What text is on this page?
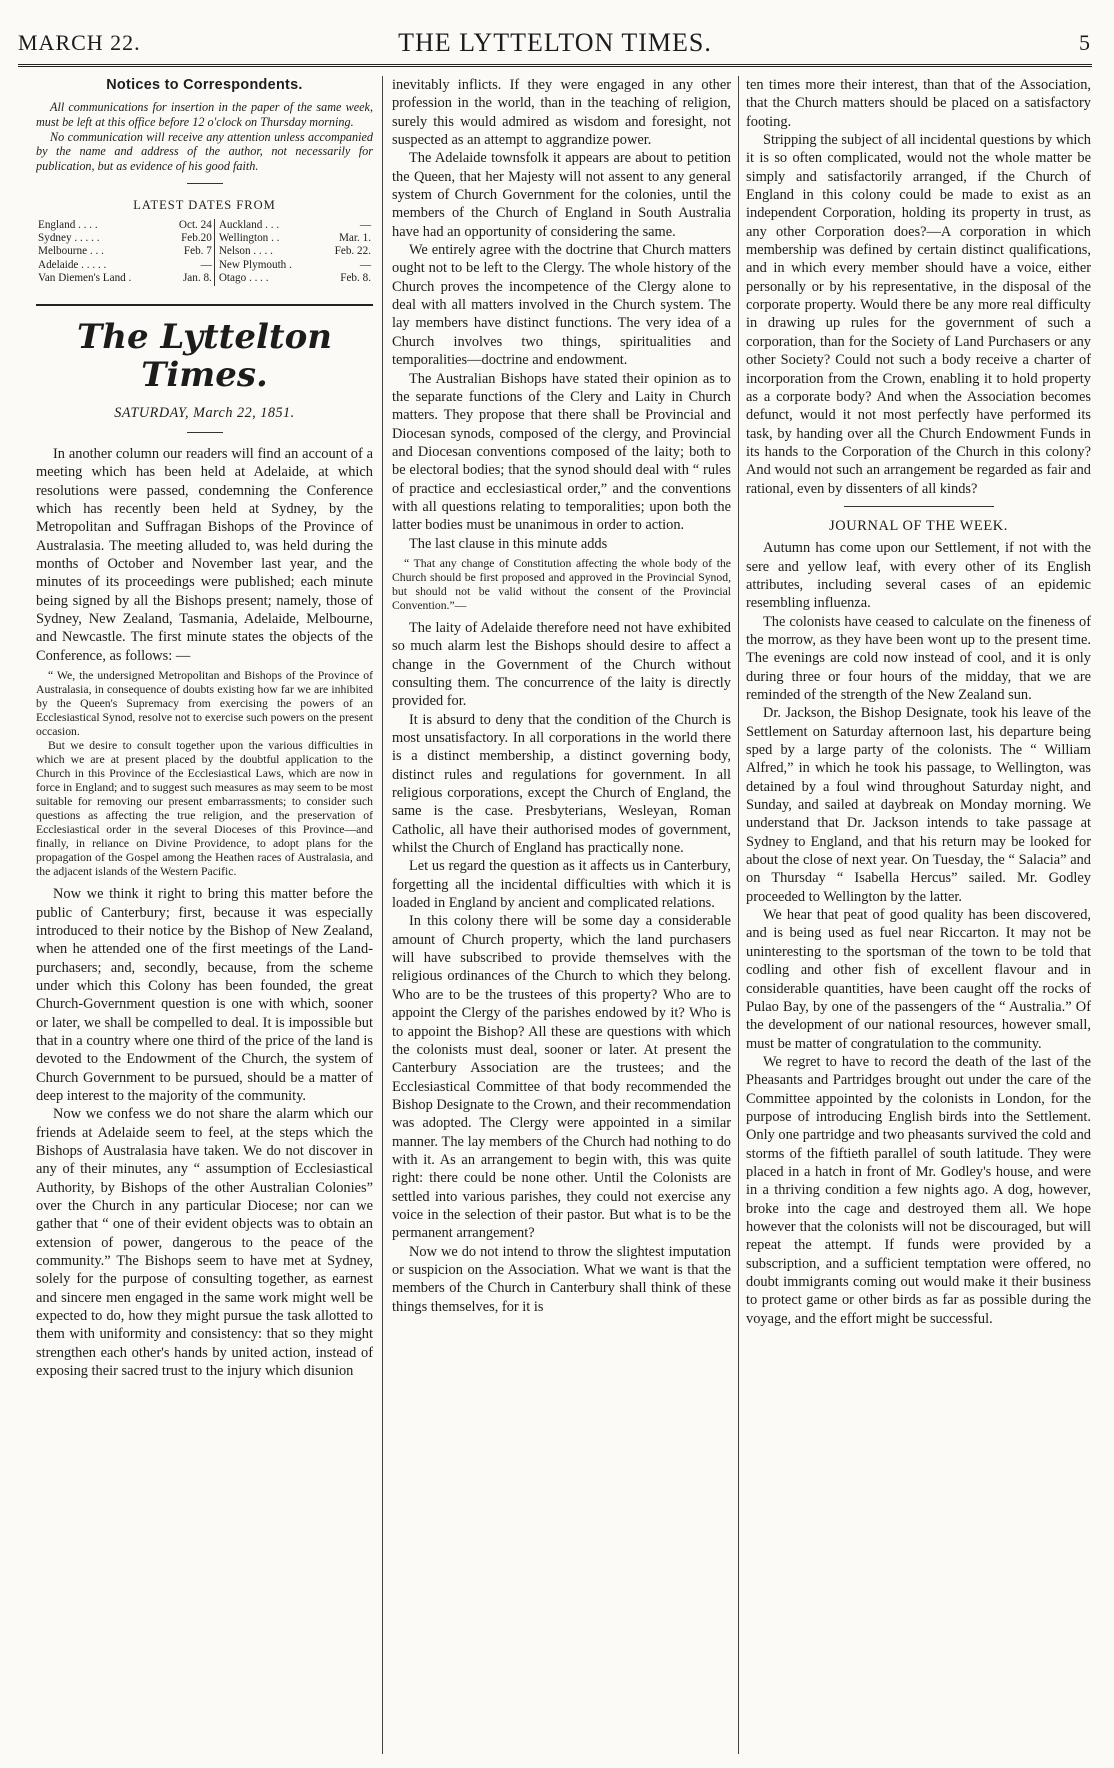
MARCH 22.	THE LYTTELTON TIMES.	5
Notices to Correspondents.

All communications for insertion in the paper of the same week, must be left at this office before 12 o'clock on Thursday morning.

No communication will receive any attention unless accompanied by the name and address of the author, not necessarily for publication, but as evidence of his good faith.

LATEST DATES FROM
England . . . .	Oct. 24	Auckland . . .	—
Sydney . . . . .	Feb.20	Wellington . .	Mar. 1.
Melbourne . . .	Feb. 7	Nelson . . . .	Feb. 22.
Adelaide . . . . .	—	New Plymouth .	—
Van Diemen's Land .	Jan. 8.	Otago . . . .	Feb. 8.
The Lyttelton Times.
SATURDAY, March 22, 1851.

In another column our readers will find an account of a meeting which has been held at Adelaide, at which resolutions were passed, condemning the Conference which has recently been held at Sydney, by the Metropolitan and Suffragan Bishops of the Province of Australasia. The meeting alluded to, was held during the months of October and November last year, and the minutes of its proceedings were published; each minute being signed by all the Bishops present; namely, those of Sydney, New Zealand, Tasmania, Adelaide, Melbourne, and Newcastle. The first minute states the objects of the Conference, as follows: —

“ We, the undersigned Metropolitan and Bishops of the Province of Australasia, in consequence of doubts existing how far we are inhibited by the Queen's Supremacy from exercising the powers of an Ecclesiastical Synod, resolve not to exercise such powers on the present occasion.

But we desire to consult together upon the various difficulties in which we are at present placed by the doubtful application to the Church in this Province of the Ecclesiastical Laws, which are now in force in England; and to suggest such measures as may seem to be most suitable for removing our present embarrassments; to consider such questions as affecting the true religion, and the preservation of Ecclesiastical order in the several Dioceses of this Province—and finally, in reliance on Divine Providence, to adopt plans for the propagation of the Gospel among the Heathen races of Australasia, and the adjacent islands of the Western Pacific.

Now we think it right to bring this matter before the public of Canterbury; first, because it was especially introduced to their notice by the Bishop of New Zealand, when he attended one of the first meetings of the Land-purchasers; and, secondly, because, from the scheme under which this Colony has been founded, the great Church-Government question is one with which, sooner or later, we shall be compelled to deal. It is impossible but that in a country where one third of the price of the land is devoted to the Endowment of the Church, the system of Church Government to be pursued, should be a matter of deep interest to the majority of the community.

Now we confess we do not share the alarm which our friends at Adelaide seem to feel, at the steps which the Bishops of Australasia have taken. We do not discover in any of their minutes, any “ assumption of Ecclesiastical Authority, by Bishops of the other Australian Colonies” over the Church in any particular Diocese; nor can we gather that “ one of their evident objects was to obtain an extension of power, dangerous to the peace of the community.” The Bishops seem to have met at Sydney, solely for the purpose of consulting together, as earnest and sincere men engaged in the same work might well be expected to do, how they might pursue the task allotted to them with uniformity and consistency: that so they might strengthen each other's hands by united action, instead of exposing their sacred trust to the injury which disunion

inevitably inflicts. If they were engaged in any other profession in the world, than in the teaching of religion, surely this would admired as wisdom and foresight, not suspected as an attempt to aggrandize power.

The Adelaide townsfolk it appears are about to petition the Queen, that her Majesty will not assent to any general system of Church Government for the colonies, until the members of the Church of England in South Australia have had an opportunity of considering the same.

We entirely agree with the doctrine that Church matters ought not to be left to the Clergy. The whole history of the Church proves the incompetence of the Clergy alone to deal with all matters involved in the Church system. The lay members have distinct functions. The very idea of a Church involves two things, spiritualities and temporalities—doctrine and endowment.

The Australian Bishops have stated their opinion as to the separate functions of the Clery and Laity in Church matters. They propose that there shall be Provincial and Diocesan synods, composed of the clergy, and Provincial and Diocesan conventions composed of the laity; both to be electoral bodies; that the synod should deal with “ rules of practice and ecclesiastical order,” and the conventions with all questions relating to temporalities; upon both the latter bodies must be unanimous in order to action.

The last clause in this minute adds

“ That any change of Constitution affecting the whole body of the Church should be first proposed and approved in the Provincial Synod, but should not be valid without the consent of the Provincial Convention.”—

The laity of Adelaide therefore need not have exhibited so much alarm lest the Bishops should desire to affect a change in the Government of the Church without consulting them. The concurrence of the laity is directly provided for.

It is absurd to deny that the condition of the Church is most unsatisfactory. In all corporations in the world there is a distinct membership, a distinct governing body, distinct rules and regulations for government. In all religious corporations, except the Church of England, the same is the case. Presbyterians, Wesleyan, Roman Catholic, all have their authorised modes of government, whilst the Church of England has practically none.

Let us regard the question as it affects us in Canterbury, forgetting all the incidental difficulties with which it is loaded in England by ancient and complicated relations.

In this colony there will be some day a considerable amount of Church property, which the land purchasers will have subscribed to provide themselves with the religious ordinances of the Church to which they belong. Who are to be the trustees of this property? Who are to appoint the Clergy of the parishes endowed by it? Who is to appoint the Bishop? All these are questions with which the colonists must deal, sooner or later. At present the Canterbury Association are the trustees; and the Ecclesiastical Committee of that body recommended the Bishop Designate to the Crown, and their recommendation was adopted. The Clergy were appointed in a similar manner. The lay members of the Church had nothing to do with it. As an arrangement to begin with, this was quite right: there could be none other. Until the Colonists are settled into various parishes, they could not exercise any voice in the selection of their pastor. But what is to be the permanent arrangement?

Now we do not intend to throw the slightest imputation or suspicion on the Association. What we want is that the members of the Church in Canterbury shall think of these things themselves, for it is

ten times more their interest, than that of the Association, that the Church matters should be placed on a satisfactory footing.

Stripping the subject of all incidental questions by which it is so often complicated, would not the whole matter be simply and satisfactorily arranged, if the Church of England in this colony could be made to exist as an independent Corporation, holding its property in trust, as any other Corporation does?—A corporation in which membership was defined by certain distinct qualifications, and in which every member should have a voice, either personally or by his representative, in the disposal of the corporate property. Would there be any more real difficulty in drawing up rules for the government of such a corporation, than for the Society of Land Purchasers or any other Society? Could not such a body receive a charter of incorporation from the Crown, enabling it to hold property as a corporate body? And when the Association becomes defunct, would it not most perfectly have performed its task, by handing over all the Church Endowment Funds in its hands to the Corporation of the Church in this colony? And would not such an arrangement be regarded as fair and rational, even by dissenters of all kinds?

JOURNAL OF THE WEEK.

Autumn has come upon our Settlement, if not with the sere and yellow leaf, with every other of its English attributes, including several cases of an epidemic resembling influenza.

The colonists have ceased to calculate on the fineness of the morrow, as they have been wont up to the present time. The evenings are cold now instead of cool, and it is only during three or four hours of the midday, that we are reminded of the strength of the New Zealand sun.

Dr. Jackson, the Bishop Designate, took his leave of the Settlement on Saturday afternoon last, his departure being sped by a large party of the colonists. The “ William Alfred,” in which he took his passage, to Wellington, was detained by a foul wind throughout Saturday night, and Sunday, and sailed at daybreak on Monday morning. We understand that Dr. Jackson intends to take passage at Sydney to England, and that his return may be looked for about the close of next year. On Tuesday, the “ Salacia” and on Thursday “ Isabella Hercus” sailed. Mr. Godley proceeded to Wellington by the latter.

We hear that peat of good quality has been discovered, and is being used as fuel near Riccarton. It may not be uninteresting to the sportsman of the town to be told that codling and other fish of excellent flavour and in considerable quantities, have been caught off the rocks of Pulao Bay, by one of the passengers of the “ Australia.” Of the development of our national resources, however small, must be matter of congratulation to the community.

We regret to have to record the death of the last of the Pheasants and Partridges brought out under the care of the Committee appointed by the colonists in London, for the purpose of introducing English birds into the Settlement. Only one partridge and two pheasants survived the cold and storms of the fiftieth parallel of south latitude. They were placed in a hatch in front of Mr. Godley's house, and were in a thriving condition a few nights ago. A dog, however, broke into the cage and destroyed them all. We hope however that the colonists will not be discouraged, but will repeat the attempt. If funds were provided by a subscription, and a sufficient temptation were offered, no doubt immigrants coming out would make it their business to protect game or other birds as far as possible during the voyage, and the effort might be successful.
